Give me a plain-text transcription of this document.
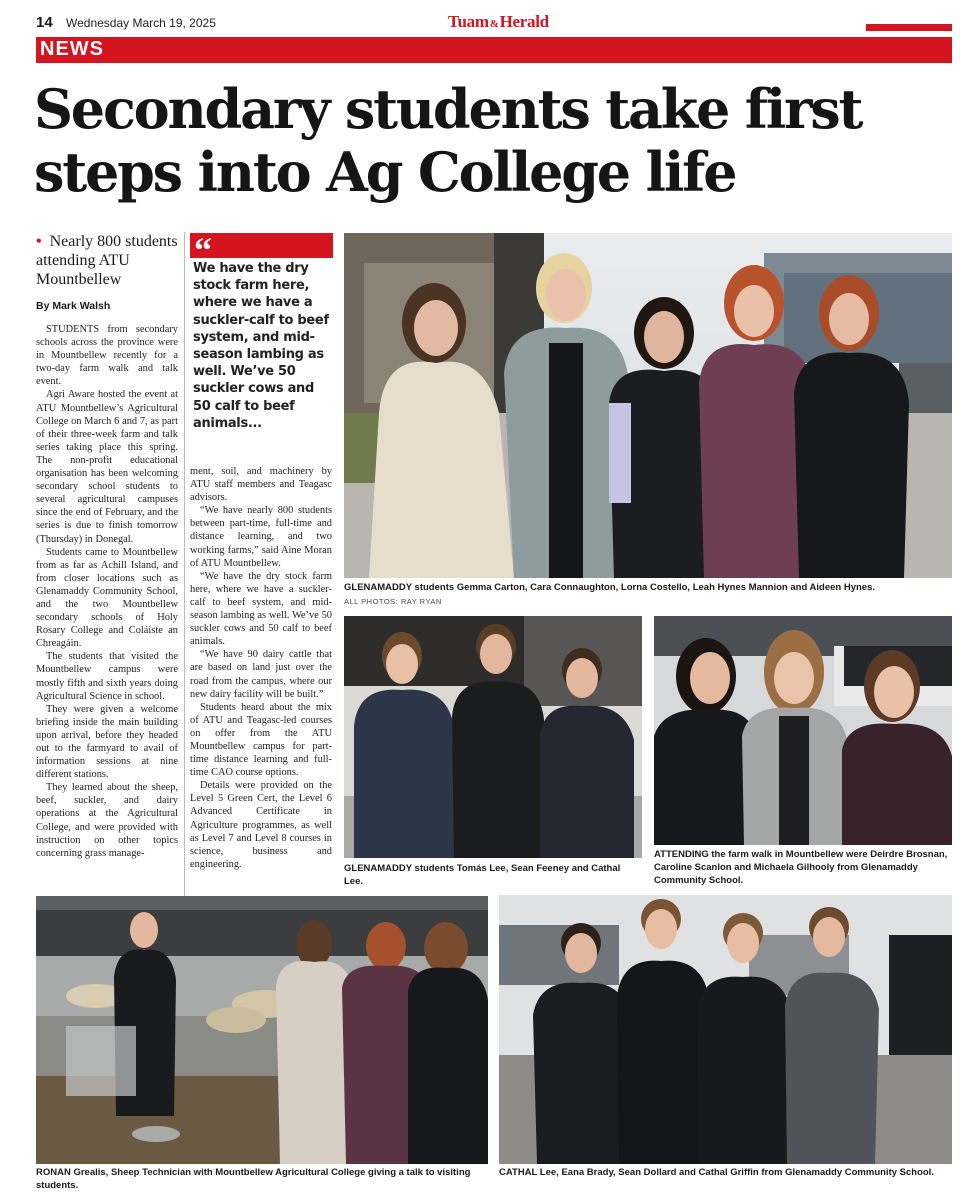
14 Wednesday March 19, 2025	Tuam&Herald
NEWS
Secondary students take first steps into Ag College life
• Nearly 800 students attending ATU Mountbellew
By Mark Walsh

STUDENTS from secondary schools across the province were in Mountbellew recently for a two-day farm walk and talk event.

Agri Aware hosted the event at ATU Mountbellew’s Agricultural College on March 6 and 7, as part of their three-week farm and talk series taking place this spring. The non-profit educational organisation has been welcoming secondary school students to several agricultural campuses since the end of February, and the series is due to finish tomorrow (Thursday) in Donegal.

Students came to Mountbellew from as far as Achill Island, and from closer locations such as Glenamaddy Community School, and the two Mountbellew secondary schools of Holy Rosary College and Coláiste an Chreagáin.

The students that visited the Mountbellew campus were mostly fifth and sixth years doing Agricultural Science in school.

They were given a welcome briefing inside the main building upon arrival, before they headed out to the farmyard to avail of information sessions at nine different stations.

They learned about the sheep, beef, suckler, and dairy operations at the Agricultural College, and were provided with instruction on other topics concerning grass manage-

“
We have the dry stock farm here, where we have a suckler-calf to beef system, and mid-season lambing as well. We’ve 50 suckler cows and 50 calf to beef animals...

ment, soil, and machinery by ATU staff members and Teagasc advisors.

“We have nearly 800 students between part-time, full-time and distance learning, and two working farms,” said Aine Moran of ATU Mountbellew.

“We have the dry stock farm here, where we have a suckler-calf to beef system, and mid-season lambing as well. We’ve 50 suckler cows and 50 calf to beef animals.

“We have 90 dairy cattle that are based on land just over the road from the campus, where our new dairy facility will be built.”

Students heard about the mix of ATU and Teagasc-led courses on offer from the ATU Mountbellew campus for part-time distance learning and full-time CAO course options.

Details were provided on the Level 5 Green Cert, the Level 6 Advanced Certificate in Agriculture programmes, as well as Level 7 and Level 8 courses in science, business and engineering.

GLENAMADDY students Gemma Carton, Cara Connaughton, Lorna Costello, Leah Hynes Mannion and Aideen Hynes.
ALL PHOTOS: RAY RYAN
GLENAMADDY students Tomás Lee, Sean Feeney and Cathal Lee.
ATTENDING the farm walk in Mountbellew were Deirdre Brosnan, Caroline Scanlon and Michaela Gilhooly from Glenamaddy Community School.
RONAN Grealis, Sheep Technician with Mountbellew Agricultural College giving a talk to visiting students.
CATHAL Lee, Eana Brady, Sean Dollard and Cathal Griffin from Glenamaddy Community School.
